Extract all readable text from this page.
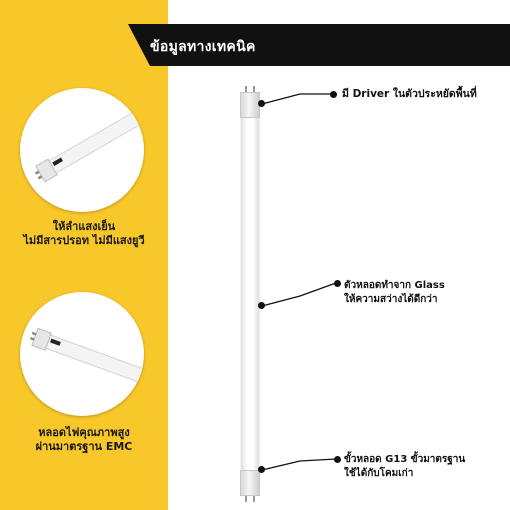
ให้ลำแสงเย็น
ไม่มีสารปรอท ไม่มีแสงยูวี
หลอดไฟคุณภาพสูง
ผ่านมาตรฐาน EMC
ข้อมูลทางเทคนิค
มี Driver ในตัวประหยัดพื้นที่
ตัวหลอดทำจาก Glass
ให้ความสว่างได้ดีกว่า
ขั้วหลอด G13 ขั้วมาตรฐาน
ใช้ได้กับโคมเก่า
